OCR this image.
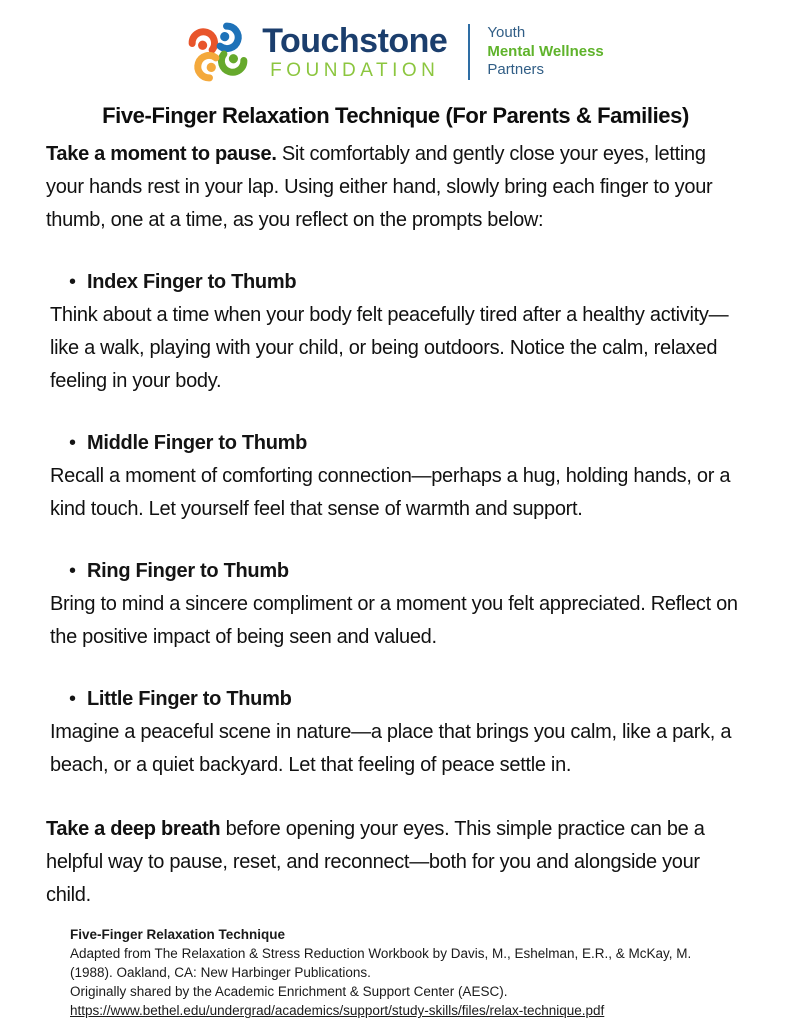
Touchstone
FOUNDATION
Youth
Mental Wellness
Partners
Five-Finger Relaxation Technique (For Parents & Families)

Take a moment to pause. Sit comfortably and gently close your eyes, letting your hands rest in your lap. Using either hand, slowly bring each finger to your thumb, one at a time, as you reflect on the prompts below:

• Index Finger to Thumb

Think about a time when your body felt peacefully tired after a healthy activity—like a walk, playing with your child, or being outdoors. Notice the calm, relaxed feeling in your body.

• Middle Finger to Thumb

Recall a moment of comforting connection—perhaps a hug, holding hands, or a kind touch. Let yourself feel that sense of warmth and support.

• Ring Finger to Thumb

Bring to mind a sincere compliment or a moment you felt appreciated. Reflect on the positive impact of being seen and valued.

• Little Finger to Thumb

Imagine a peaceful scene in nature—a place that brings you calm, like a park, a beach, or a quiet backyard. Let that feeling of peace settle in.

Take a deep breath before opening your eyes. This simple practice can be a helpful way to pause, reset, and reconnect—both for you and alongside your child.

Five-Finger Relaxation Technique
Adapted from The Relaxation & Stress Reduction Workbook by Davis, M., Eshelman, E.R., & McKay, M. (1988). Oakland, CA: New Harbinger Publications.
Originally shared by the Academic Enrichment & Support Center (AESC).
https://www.bethel.edu/undergrad/academics/support/study-skills/files/relax-technique.pdf
